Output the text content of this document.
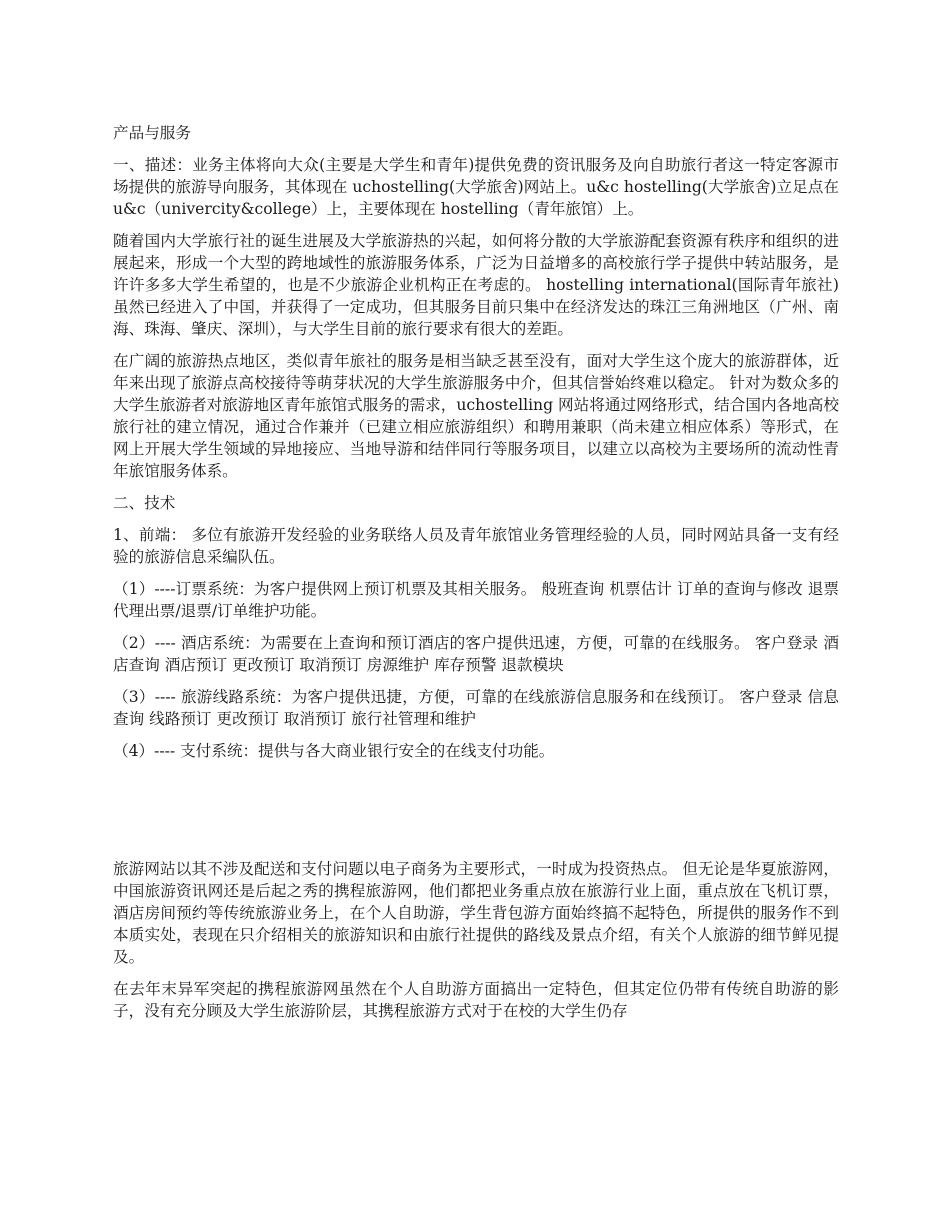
产品与服务

一、描述：业务主体将向大众(主要是大学生和青年)提供免费的资讯服务及向自助旅行者这一特定客源市场提供的旅游导向服务，其体现在 uchostelling(大学旅舍)网站上。u&c hostelling(大学旅舍)立足点在 u&c（univercity&college）上，主要体现在 hostelling（青年旅馆）上。

随着国内大学旅行社的诞生进展及大学旅游热的兴起，如何将分散的大学旅游配套资源有秩序和组织的进展起来，形成一个大型的跨地域性的旅游服务体系，广泛为日益增多的高校旅行学子提供中转站服务，是许许多多大学生希望的，也是不少旅游企业机构正在考虑的。 hostelling international(国际青年旅社)虽然已经进入了中国，并获得了一定成功，但其服务目前只集中在经济发达的珠江三角洲地区（广州、南海、珠海、肇庆、深圳），与大学生目前的旅行要求有很大的差距。

在广阔的旅游热点地区，类似青年旅社的服务是相当缺乏甚至没有，面对大学生这个庞大的旅游群体，近年来出现了旅游点高校接待等萌芽状况的大学生旅游服务中介，但其信誉始终难以稳定。 针对为数众多的大学生旅游者对旅游地区青年旅馆式服务的需求，uchostelling 网站将通过网络形式，结合国内各地高校旅行社的建立情况，通过合作兼并（已建立相应旅游组织）和聘用兼职（尚未建立相应体系）等形式，在网上开展大学生领域的异地接应、当地导游和结伴同行等服务项目，以建立以高校为主要场所的流动性青年旅馆服务体系。

二、技术

1、前端： 多位有旅游开发经验的业务联络人员及青年旅馆业务管理经验的人员，同时网站具备一支有经验的旅游信息采编队伍。

（1）----订票系统：为客户提供网上预订机票及其相关服务。 般班查询 机票估计 订单的查询与修改 退票 代理出票/退票/订单维护功能。

（2）---- 酒店系统：为需要在上查询和预订酒店的客户提供迅速，方便，可靠的在线服务。 客户登录 酒店查询 酒店预订 更改预订 取消预订 房源维护 库存预警 退款模块

（3）---- 旅游线路系统：为客户提供迅捷，方便，可靠的在线旅游信息服务和在线预订。 客户登录 信息查询 线路预订 更改预订 取消预订 旅行社管理和维护

（4）---- 支付系统：提供与各大商业银行安全的在线支付功能。

旅游网站以其不涉及配送和支付问题以电子商务为主要形式，一时成为投资热点。 但无论是华夏旅游网，中国旅游资讯网还是后起之秀的携程旅游网，他们都把业务重点放在旅游行业上面，重点放在飞机订票，酒店房间预约等传统旅游业务上，在个人自助游，学生背包游方面始终搞不起特色，所提供的服务作不到本质实处，表现在只介绍相关的旅游知识和由旅行社提供的路线及景点介绍，有关个人旅游的细节鲜见提及。

在去年末异军突起的携程旅游网虽然在个人自助游方面搞出一定特色，但其定位仍带有传统自助游的影子，没有充分顾及大学生旅游阶层，其携程旅游方式对于在校的大学生仍存
